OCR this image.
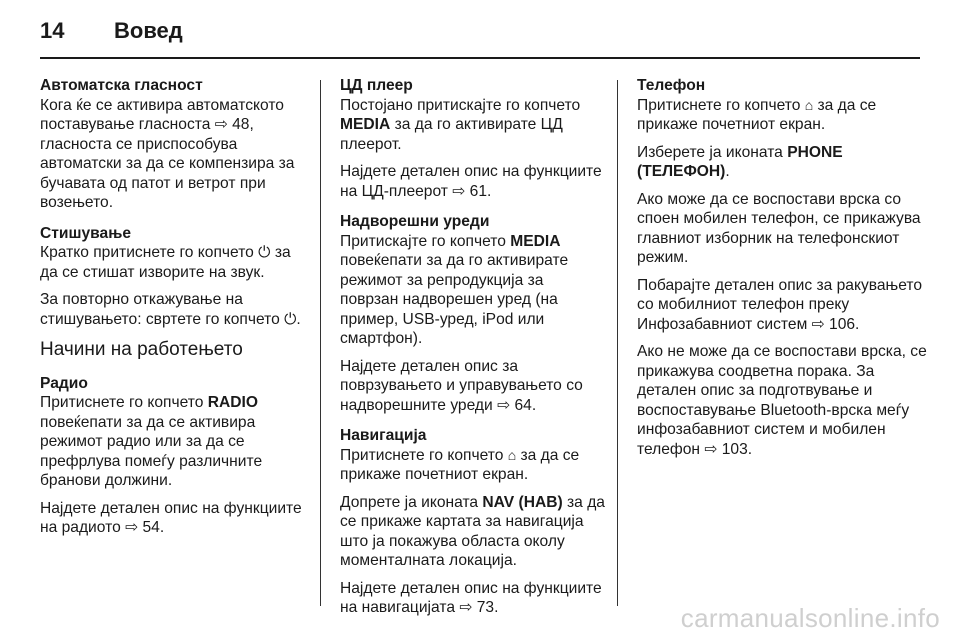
14	Вовед
Автоматска гласност

Кога ќе се активира автоматското поставување гласноста ⇨ 48, гласноста се приспособува автоматски за да се компензира за бучавата од патот и ветрот при возењето.

Стишување

Кратко притиснете го копчето ⏻ за да се стишат изворите на звук.

За повторно откажување на стишувањето: свртете го копчето ⏻.

Начини на работењето
Радио

Притиснете го копчето RADIO повеќепати за да се активира режимот радио или за да се префрлува помеѓу различните бранови должини.

Најдете детален опис на функциите на радиото ⇨ 54.

ЦД плеер

Постојано притискајте го копчето MEDIA за да го активирате ЦД плеерот.

Најдете детален опис на функциите на ЦД-плеерот ⇨ 61.

Надворешни уреди

Притискајте го копчето MEDIA повеќепати за да го активирате режимот за репродукција за поврзан надворешен уред (на пример, USB-уред, iPod или смартфон).

Најдете детален опис за поврзувањето и управувањето со надворешните уреди ⇨ 64.

Навигација

Притиснете го копчето ⌂ за да се прикаже почетниот екран.

Допрете ја иконата NAV (НАВ) за да се прикаже картата за навигација што ја покажува областа околу моменталната локација.

Најдете детален опис на функциите на навигацијата ⇨ 73.

Телефон

Притиснете го копчето ⌂ за да се прикаже почетниот екран.

Изберете ја иконата PHONE (ТЕЛЕФОН).

Ако може да се воспостави врска со споен мобилен телефон, се прикажува главниот изборник на телефонскиот режим.

Побарајте детален опис за ракувањето со мобилниот телефон преку Инфозабавниот систем ⇨ 106.

Ако не може да се воспостави врска, се прикажува соодветна порака. За детален опис за подготвување и воспоставување Bluetooth-врска меѓу инфозабавниот систем и мобилен телефон ⇨ 103.

carmanualsonline.info
